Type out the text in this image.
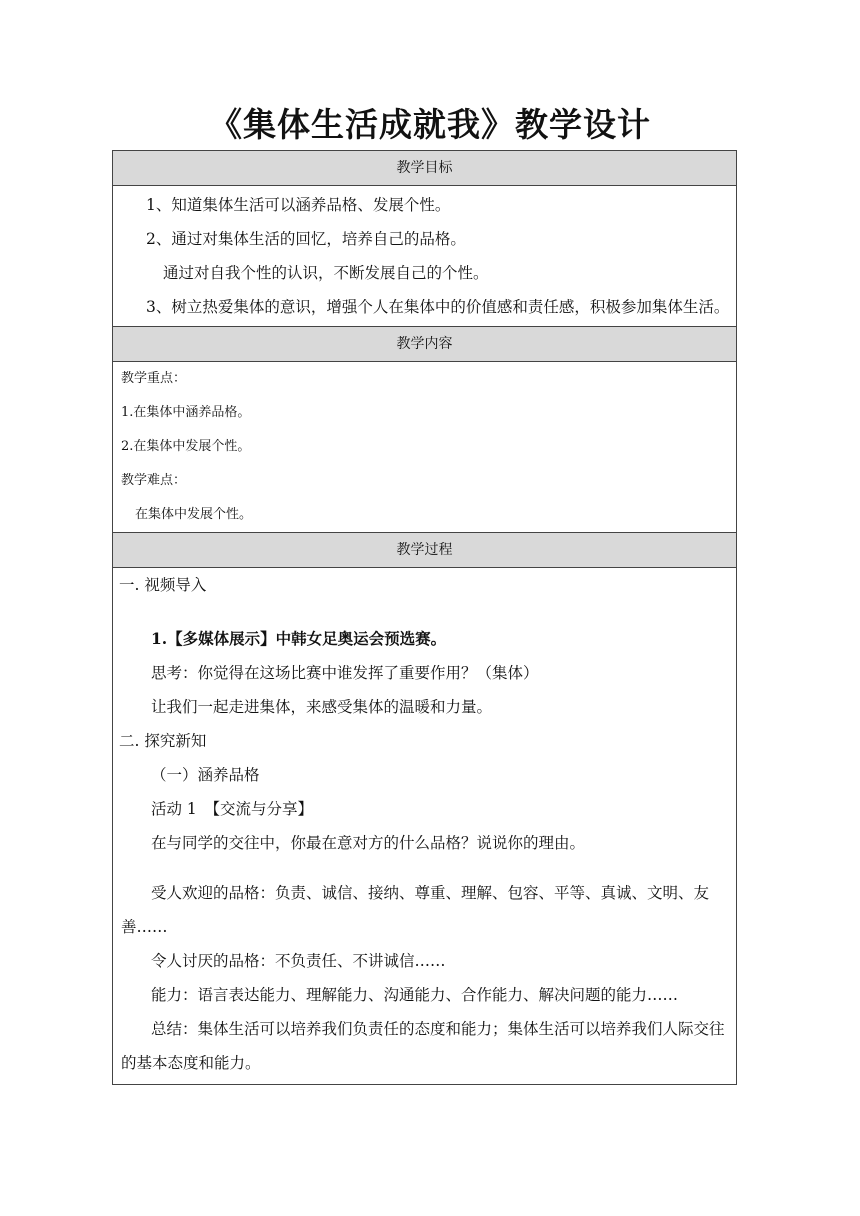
《集体生活成就我》教学设计
教学目标

1、知道集体生活可以涵养品格、发展个性。

2、通过对集体生活的回忆，培养自己的品格。

通过对自我个性的认识，不断发展自己的个性。

3、树立热爱集体的意识，增强个人在集体中的价值感和责任感，积极参加集体生活。

教学内容

教学重点：

1.在集体中涵养品格。

2.在集体中发展个性。

教学难点：

在集体中发展个性。

教学过程

一. 视频导入

1.【多媒体展示】中韩女足奥运会预选赛。

思考：你觉得在这场比赛中谁发挥了重要作用？（集体）

让我们一起走进集体，来感受集体的温暖和力量。

二. 探究新知

（一）涵养品格

活动 1　【交流与分享】

在与同学的交往中，你最在意对方的什么品格？说说你的理由。

受人欢迎的品格：负责、诚信、接纳、尊重、理解、包容、平等、真诚、文明、友善……

令人讨厌的品格：不负责任、不讲诚信……

能力：语言表达能力、理解能力、沟通能力、合作能力、解决问题的能力……

总结：集体生活可以培养我们负责任的态度和能力；集体生活可以培养我们人际交往的基本态度和能力。
